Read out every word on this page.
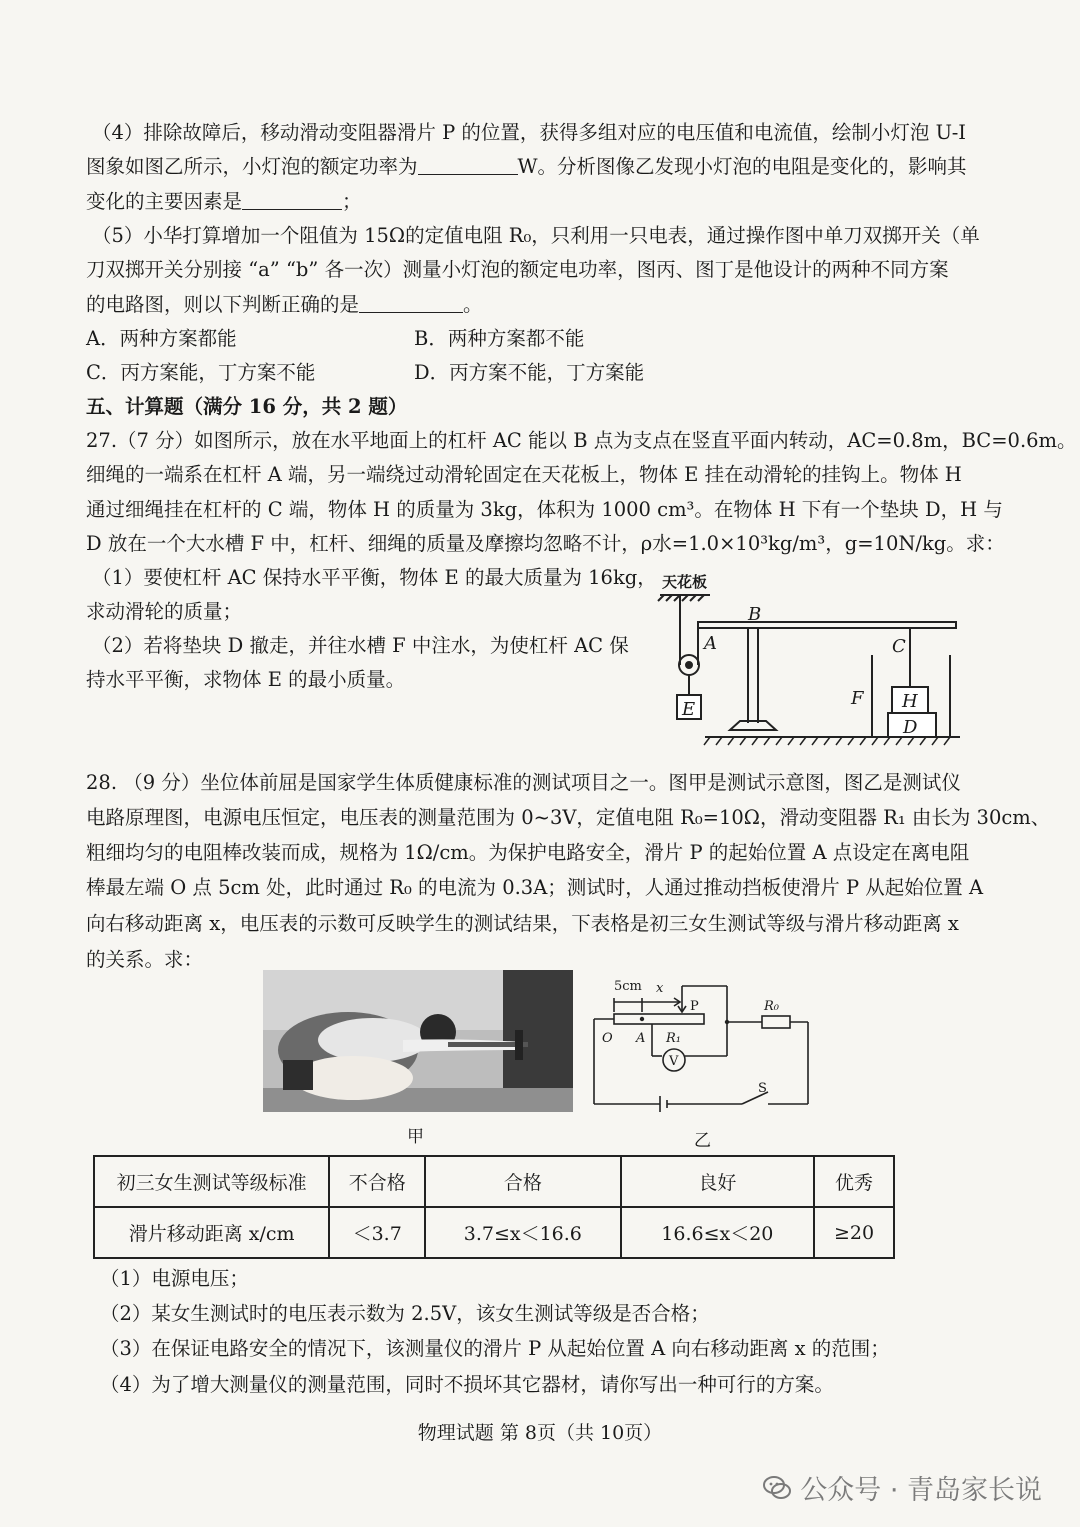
（4）排除故障后，移动滑动变阻器滑片 P 的位置，获得多组对应的电压值和电流值，绘制小灯泡 U-I
图象如图乙所示，小灯泡的额定功率为	W。分析图像乙发现小灯泡的电阻是变化的，影响其
变化的主要因素是	；
（5）小华打算增加一个阻值为 15Ω的定值电阻 R₀，只利用一只电表，通过操作图中单刀双掷开关（单
刀双掷开关分别接 “a” “b” 各一次）测量小灯泡的额定电功率，图丙、图丁是他设计的两种不同方案
的电路图，则以下判断正确的是	。
A．两种方案都能	B．两种方案都不能
C．丙方案能，丁方案不能	D．丙方案不能，丁方案能
五、计算题（满分 16 分，共 2 题）
27.（7 分）如图所示，放在水平地面上的杠杆 AC 能以 B 点为支点在竖直平面内转动，AC=0.8m，BC=0.6m。
细绳的一端系在杠杆 A 端，另一端绕过动滑轮固定在天花板上，物体 E 挂在动滑轮的挂钩上。物体 H
通过细绳挂在杠杆的 C 端，物体 H 的质量为 3kg，体积为 1000 cm³。在物体 H 下有一个垫块 D，H 与
D 放在一个大水槽 F 中，杠杆、细绳的质量及摩擦均忽略不计，ρ水=1.0×10³kg/m³，g=10N/kg。求：
（1）要使杠杆 AC 保持水平平衡，物体 E 的最大质量为 16kg，
求动滑轮的质量；
（2）若将垫块 D 撤走，并往水槽 F 中注水，为使杠杆 AC 保
持水平平衡，求物体 E 的最小质量。
天花板
B
A	C
E
F H
D
28. （9 分）坐位体前屈是国家学生体质健康标准的测试项目之一。图甲是测试示意图，图乙是测试仪
电路原理图，电源电压恒定，电压表的测量范围为 0~3V，定值电阻 R₀=10Ω，滑动变阻器 R₁ 由长为 30cm、
粗细均匀的电阻棒改装而成，规格为 1Ω/cm。为保护电路安全，滑片 P 的起始位置 A 点设定在离电阻
棒最左端 O 点 5cm 处，此时通过 R₀ 的电流为 0.3A；测试时，人通过推动挡板使滑片 P 从起始位置 A
向右移动距离 x，电压表的示数可反映学生的测试结果，下表格是初三女生测试等级与滑片移动距离 x
的关系。求：
甲
5cm x
P	R₀
O A R₁
V
S
乙
初三女生测试等级标准	不合格	合格	良好	优秀
滑片移动距离 x/cm	＜3.7	3.7≤x＜16.6	16.6≤x＜20	≥20
（1）电源电压；
（2）某女生测试时的电压表示数为 2.5V，该女生测试等级是否合格；
（3）在保证电路安全的情况下，该测量仪的滑片 P 从起始位置 A 向右移动距离 x 的范围；
（4）为了增大测量仪的测量范围，同时不损坏其它器材，请你写出一种可行的方案。
物理试题 第 8页（共 10页）
公众号 · 青岛家长说
